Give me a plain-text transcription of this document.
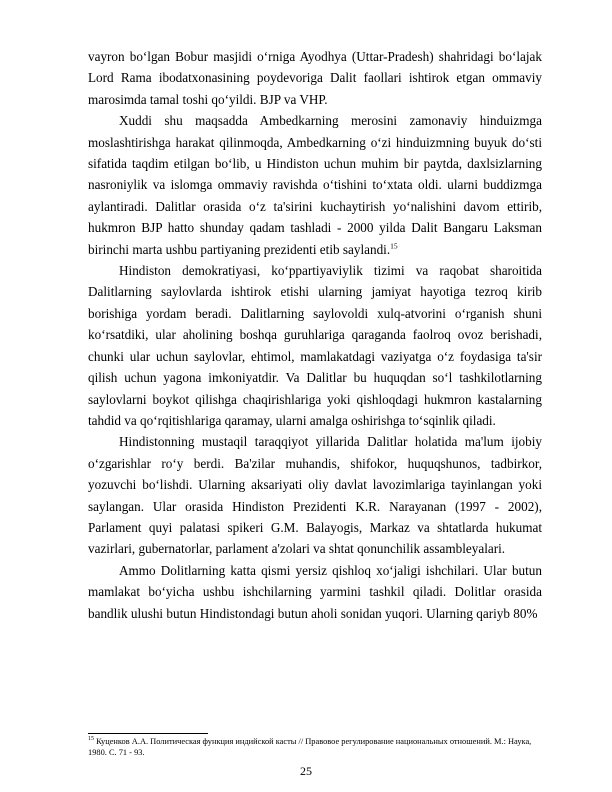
vayron bo‘lgan Bobur masjidi o‘rniga Ayodhya (Uttar-Pradesh) shahridagi bo‘lajak Lord Rama ibodatxonasining poydevoriga Dalit faollari ishtirok etgan ommaviy marosimda tamal toshi qo‘yildi. BJP va VHP.

Xuddi shu maqsadda Ambedkarning merosini zamonaviy hinduizmga moslashtirishga harakat qilinmoqda, Ambedkarning o‘zi hinduizmning buyuk do‘sti sifatida taqdim etilgan bo‘lib, u Hindiston uchun muhim bir paytda, daxlsizlarning nasroniylik va islomga ommaviy ravishda o‘tishini to‘xtata oldi. ularni buddizmga aylantiradi. Dalitlar orasida o‘z ta'sirini kuchaytirish yo‘nalishini davom ettirib, hukmron BJP hatto shunday qadam tashladi - 2000 yilda Dalit Bangaru Laksman birinchi marta ushbu partiyaning prezidenti etib saylandi.$^{15}$

Hindiston demokratiyasi, ko‘ppartiyaviylik tizimi va raqobat sharoitida Dalitlarning saylovlarda ishtirok etishi ularning jamiyat hayotiga tezroq kirib borishiga yordam beradi. Dalitlarning saylovoldi xulq-atvorini o‘rganish shuni ko‘rsatdiki, ular aholining boshqa guruhlariga qaraganda faolroq ovoz berishadi, chunki ular uchun saylovlar, ehtimol, mamlakatdagi vaziyatga o‘z foydasiga ta'sir qilish uchun yagona imkoniyatdir. Va Dalitlar bu huquqdan so‘l tashkilotlarning saylovlarni boykot qilishga chaqirishlariga yoki qishloqdagi hukmron kastalarning tahdid va qo‘rqitishlariga qaramay, ularni amalga oshirishga to‘sqinlik qiladi.

Hindistonning mustaqil taraqqiyot yillarida Dalitlar holatida ma'lum ijobiy o‘zgarishlar ro‘y berdi. Ba'zilar muhandis, shifokor, huquqshunos, tadbirkor, yozuvchi bo‘lishdi. Ularning aksariyati oliy davlat lavozimlariga tayinlangan yoki saylangan. Ular orasida Hindiston Prezidenti K.R. Narayanan (1997 - 2002), Parlament quyi palatasi spikeri G.M. Balayogis, Markaz va shtatlarda hukumat vazirlari, gubernatorlar, parlament a'zolari va shtat qonunchilik assambleyalari.

Ammo Dolitlarning katta qismi yersiz qishloq xo‘jaligi ishchilari. Ular butun mamlakat bo‘yicha ushbu ishchilarning yarmini tashkil qiladi. Dolitlar orasida bandlik ulushi butun Hindistondagi butun aholi sonidan yuqori. Ularning qariyb 80%

$^{15}$ Куценков А.А. Политическая функция индийской касты // Правовое регулирование национальных отношений. М.: Наука, 1980. С. 71 - 93.

25
